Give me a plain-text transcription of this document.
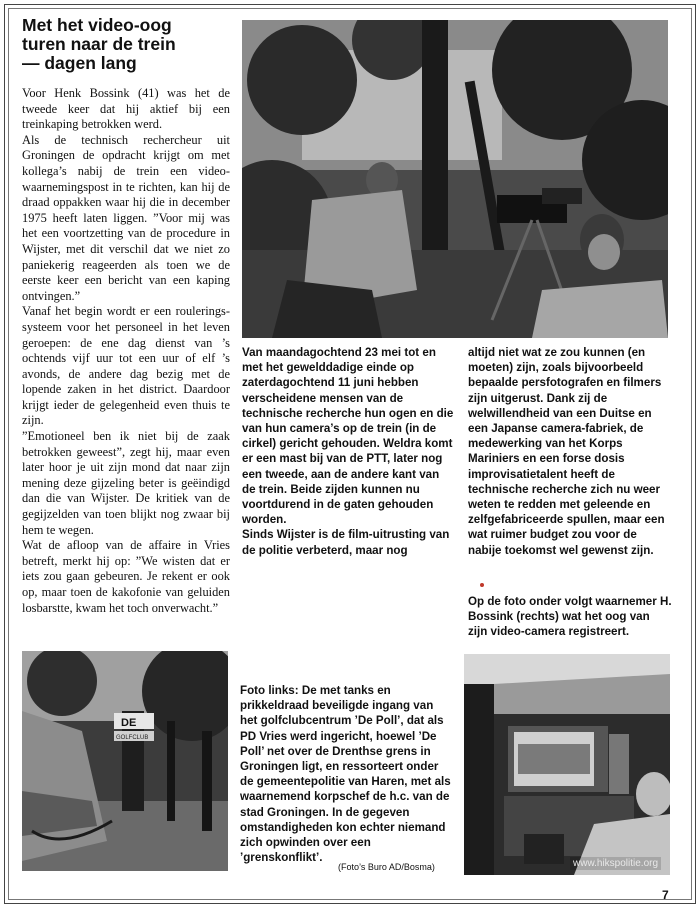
Met het video-oog
turen naar de trein
— dagen lang

Voor Henk Bossink (41) was het de tweede keer dat hij aktief bij een treinkaping betrokken werd.

Als de technisch rechercheur uit Groningen de opdracht krijgt om met kollega’s nabij de trein een video-waarnemingspost in te richten, kan hij de draad oppakken waar hij die in december 1975 heeft laten liggen. ”Voor mij was het een voortzetting van de procedure in Wijster, met dit verschil dat we niet zo paniekerig reageerden als toen we de eerste keer een bericht van een kaping ontvingen.”

Vanaf het begin wordt er een roulerings-systeem voor het personeel in het leven geroepen: de ene dag dienst van ’s ochtends vijf uur tot een uur of elf ’s avonds, de andere dag bezig met de lopende zaken in het district. Daardoor krijgt ieder de gelegenheid even thuis te zijn.

”Emotioneel ben ik niet bij de zaak betrokken geweest”, zegt hij, maar even later hoor je uit zijn mond dat naar zijn mening deze gijzeling beter is geëindigd dan die van Wijster. De kritiek van de gegijzelden van toen blijkt nog zwaar bij hem te wegen.

Wat de afloop van de affaire in Vries betreft, merkt hij op: ”We wisten dat er iets zou gaan gebeuren. Je rekent er ook op, maar toen de kakofonie van geluiden losbarstte, kwam het toch onverwacht.”

Van maandagochtend 23 mei tot en met het gewelddadige einde op zaterdagochtend 11 juni hebben verscheidene mensen van de technische recherche hun ogen en die van hun camera’s op de trein (in de cirkel) gericht gehouden. Weldra komt er een mast bij van de PTT, later nog een tweede, aan de andere kant van de trein. Beide zijden kunnen nu voortdurend in de gaten gehouden worden.

Sinds Wijster is de film-uitrusting van de politie verbeterd, maar nog

altijd niet wat ze zou kunnen (en moeten) zijn, zoals bijvoorbeeld bepaalde persfotografen en filmers zijn uitgerust. Dank zij de welwillendheid van een Duitse en een Japanse camera-fabriek, de medewerking van het Korps Mariniers en een forse dosis improvisatietalent heeft de technische recherche zich nu weer weten te redden met geleende en zelfgefabriceerde spullen, maar een wat ruimer budget zou voor de nabije toekomst wel gewenst zijn.

Op de foto onder volgt waarnemer H. Bossink (rechts) wat het oog van zijn video-camera registreert.
DE
GOLFCLUB
Foto links: De met tanks en prikkeldraad beveiligde ingang van het golfclubcentrum ’De Poll’, dat als PD Vries werd ingericht, hoewel ’De Poll’ net over de Drenthse grens in Groningen ligt, en ressorteert onder de gemeentepolitie van Haren, met als waarnemend korpschef de h.c. van de stad Groningen. In de gegeven omstandigheden kon echter niemand zich opwinden over een ’grenskonflikt’.
(Foto’s Buro AD/Bosma)	www.hikspolitie.org
7
